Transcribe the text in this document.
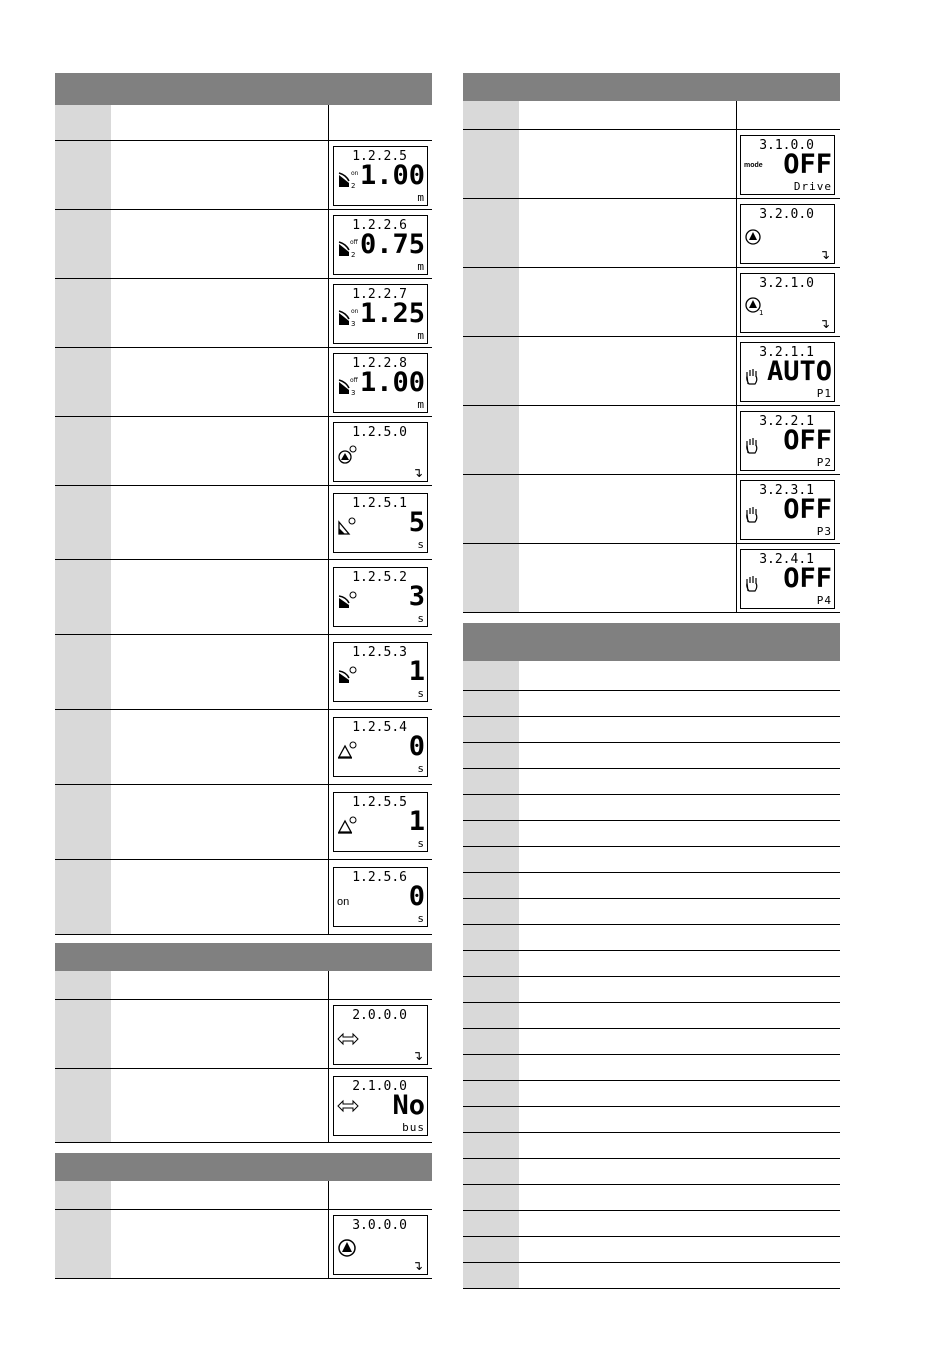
on
2
1.2.2.5
1.00
m
off
2
1.2.2.6
0.75
m
on
3
1.2.2.7
1.25
m
off
3
1.2.2.8
1.00
m
1.2.5.0
↴
1.2.5.1
5
s
1.2.5.2
3
s
1.2.5.3
1
s
1.2.5.4
0
s
1.2.5.5
1
s
on
1.2.5.6
0
s
2.0.0.0
↴
2.1.0.0
No
bus
3.0.0.0
↴
mode
3.1.0.0
OFF
Drive
3.2.0.0
↴
1
3.2.1.0
↴
3.2.1.1
AUTO
P1
3.2.2.1
OFF
P2
3.2.3.1
OFF
P3
3.2.4.1
OFF
P4
